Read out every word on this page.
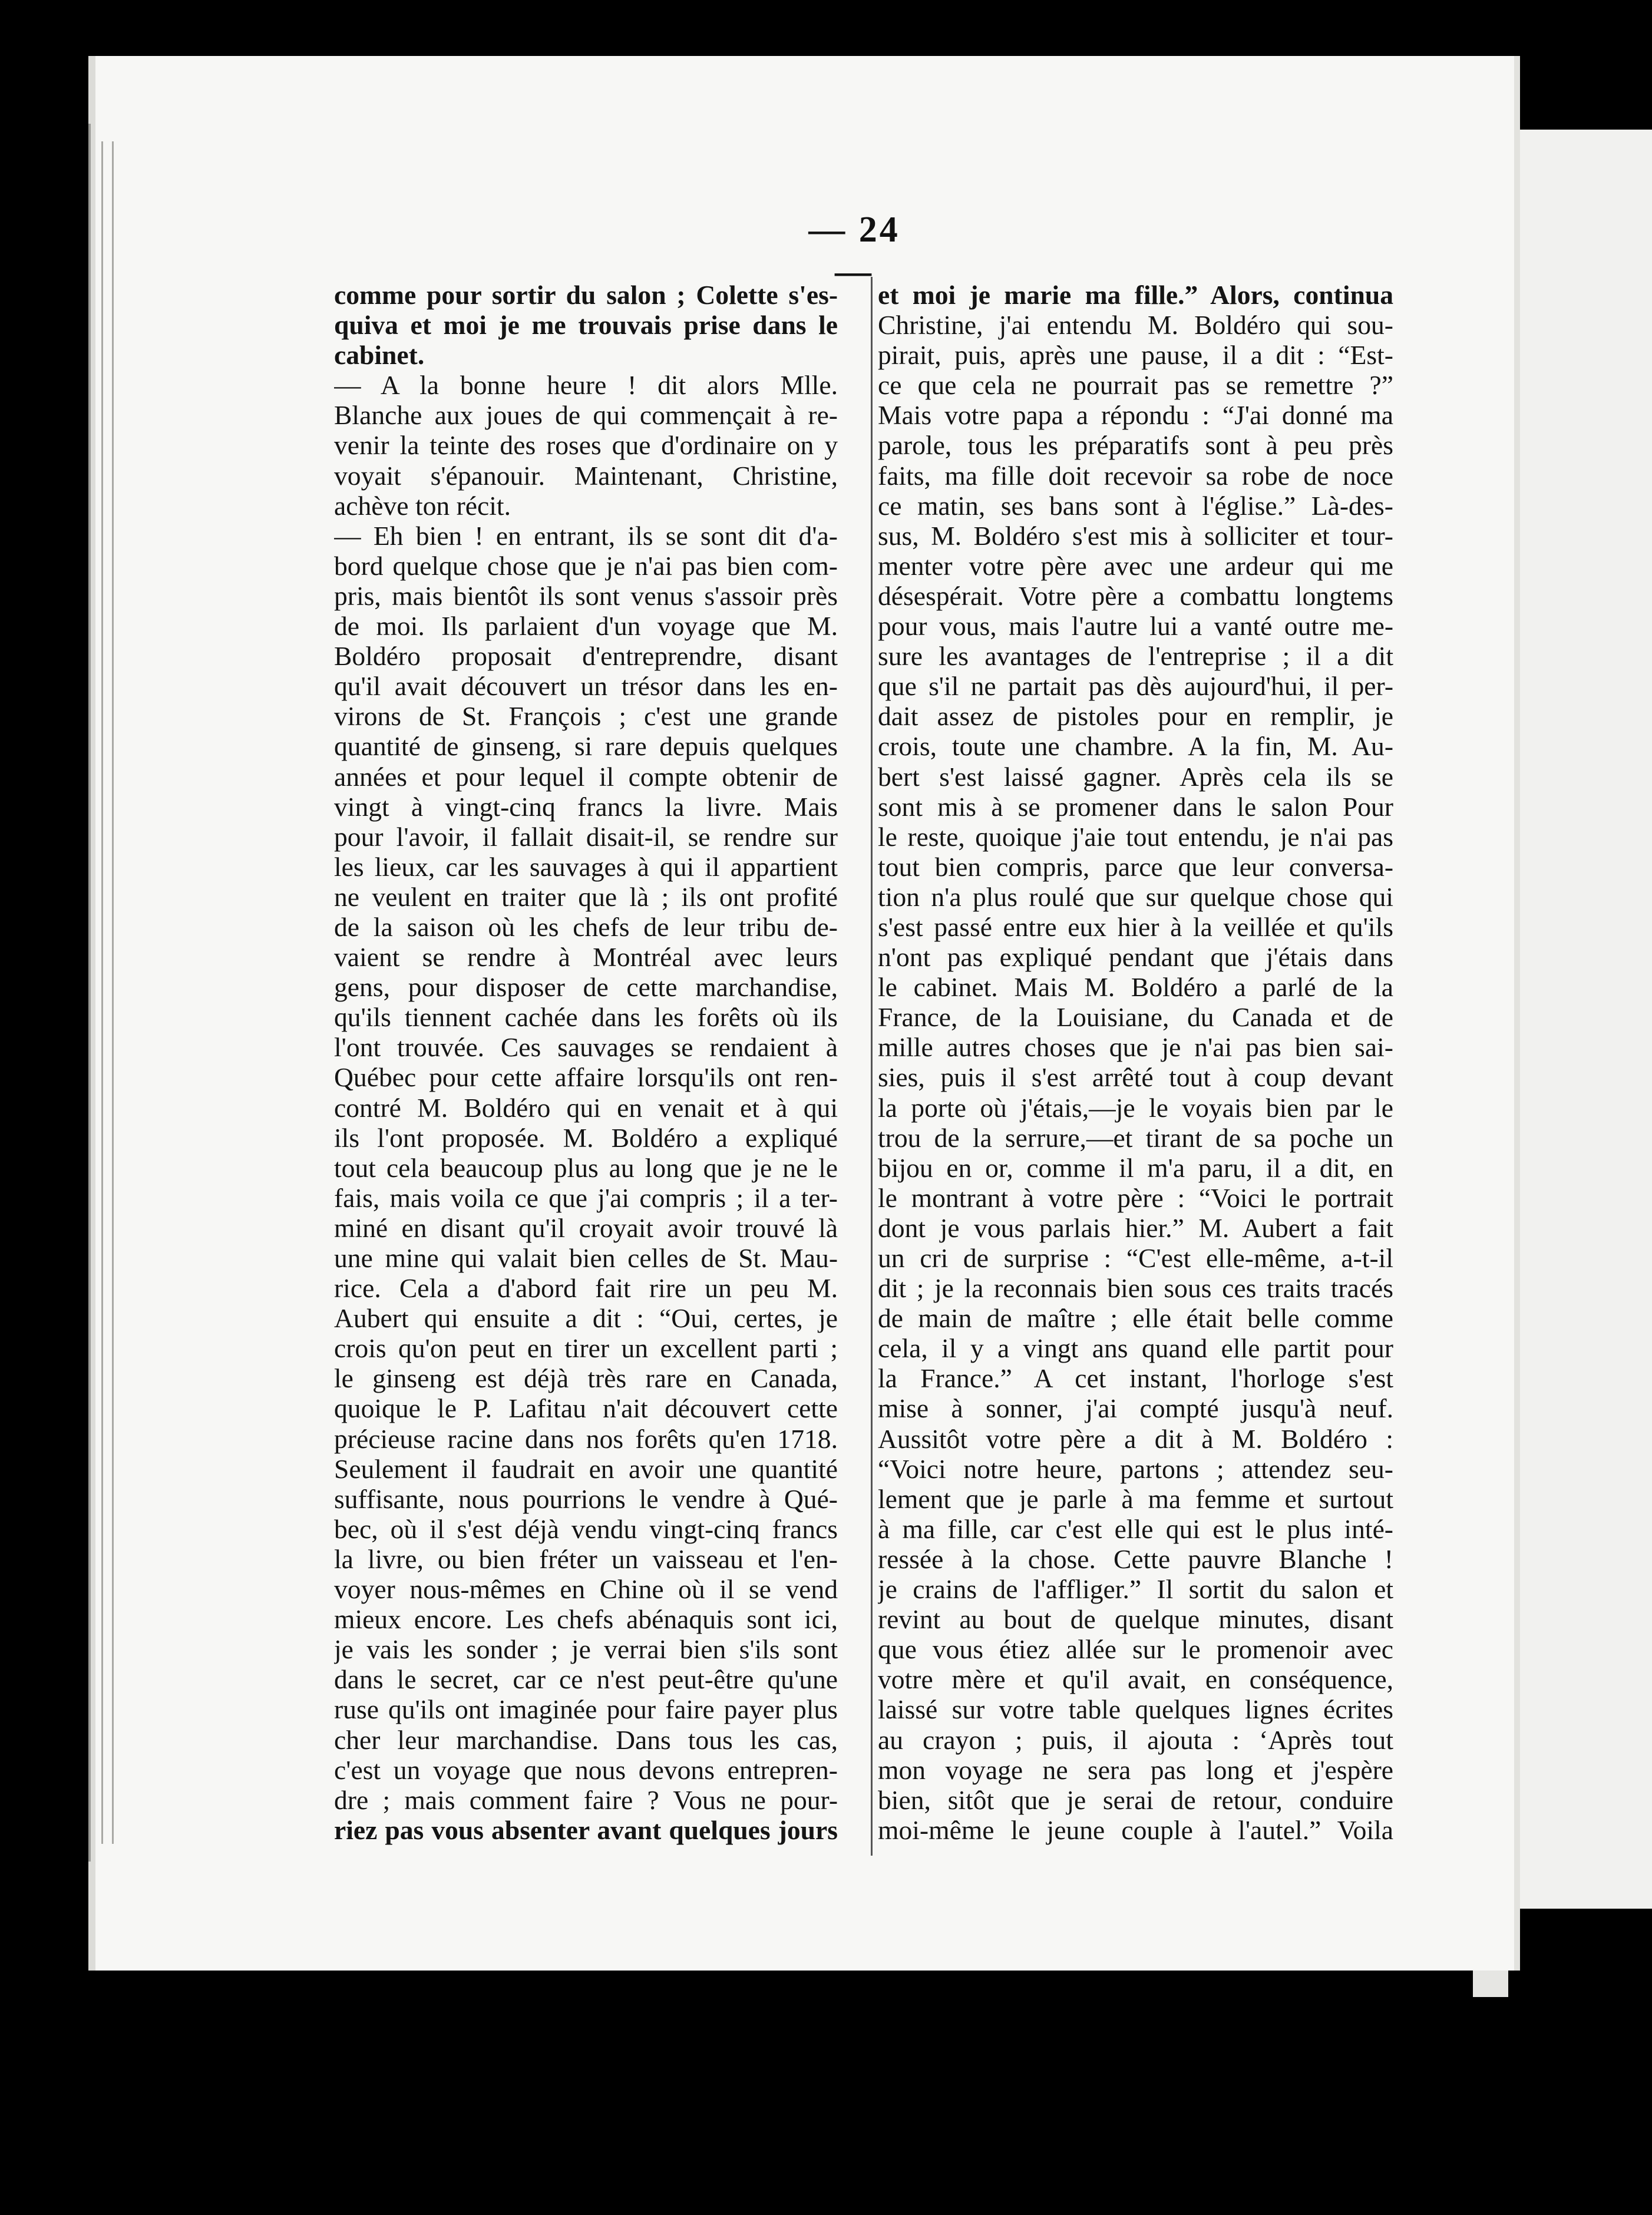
— 24 —
comme pour sortir du salon ; Colette s'es-
quiva et moi je me trouvais prise dans le
cabinet.
— A la bonne heure ! dit alors Mlle.
Blanche aux joues de qui commençait à re-
venir la teinte des roses que d'ordinaire on y
voyait s'épanouir. Maintenant, Christine,
achève ton récit.
— Eh bien ! en entrant, ils se sont dit d'a-
bord quelque chose que je n'ai pas bien com-
pris, mais bientôt ils sont venus s'assoir près
de moi. Ils parlaient d'un voyage que M.
Boldéro proposait d'entreprendre, disant
qu'il avait découvert un trésor dans les en-
virons de St. François ; c'est une grande
quantité de ginseng, si rare depuis quelques
années et pour lequel il compte obtenir de
vingt à vingt-cinq francs la livre. Mais
pour l'avoir, il fallait disait-il, se rendre sur
les lieux, car les sauvages à qui il appartient
ne veulent en traiter que là ; ils ont profité
de la saison où les chefs de leur tribu de-
vaient se rendre à Montréal avec leurs
gens, pour disposer de cette marchandise,
qu'ils tiennent cachée dans les forêts où ils
l'ont trouvée. Ces sauvages se rendaient à
Québec pour cette affaire lorsqu'ils ont ren-
contré M. Boldéro qui en venait et à qui
ils l'ont proposée. M. Boldéro a expliqué
tout cela beaucoup plus au long que je ne le
fais, mais voila ce que j'ai compris ; il a ter-
miné en disant qu'il croyait avoir trouvé là
une mine qui valait bien celles de St. Mau-
rice. Cela a d'abord fait rire un peu M.
Aubert qui ensuite a dit : “Oui, certes, je
crois qu'on peut en tirer un excellent parti ;
le ginseng est déjà très rare en Canada,
quoique le P. Lafitau n'ait découvert cette
précieuse racine dans nos forêts qu'en 1718.
Seulement il faudrait en avoir une quantité
suffisante, nous pourrions le vendre à Qué-
bec, où il s'est déjà vendu vingt-cinq francs
la livre, ou bien fréter un vaisseau et l'en-
voyer nous-mêmes en Chine où il se vend
mieux encore. Les chefs abénaquis sont ici,
je vais les sonder ; je verrai bien s'ils sont
dans le secret, car ce n'est peut-être qu'une
ruse qu'ils ont imaginée pour faire payer plus
cher leur marchandise. Dans tous les cas,
c'est un voyage que nous devons entrepren-
dre ; mais comment faire ? Vous ne pour-
riez pas vous absenter avant quelques jours
et moi je marie ma fille.” Alors, continua
Christine, j'ai entendu M. Boldéro qui sou-
pirait, puis, après une pause, il a dit : “Est-
ce que cela ne pourrait pas se remettre ?”
Mais votre papa a répondu : “J'ai donné ma
parole, tous les préparatifs sont à peu près
faits, ma fille doit recevoir sa robe de noce
ce matin, ses bans sont à l'église.” Là-des-
sus, M. Boldéro s'est mis à solliciter et tour-
menter votre père avec une ardeur qui me
désespérait. Votre père a combattu longtems
pour vous, mais l'autre lui a vanté outre me-
sure les avantages de l'entreprise ; il a dit
que s'il ne partait pas dès aujourd'hui, il per-
dait assez de pistoles pour en remplir, je
crois, toute une chambre. A la fin, M. Au-
bert s'est laissé gagner. Après cela ils se
sont mis à se promener dans le salon Pour
le reste, quoique j'aie tout entendu, je n'ai pas
tout bien compris, parce que leur conversa-
tion n'a plus roulé que sur quelque chose qui
s'est passé entre eux hier à la veillée et qu'ils
n'ont pas expliqué pendant que j'étais dans
le cabinet. Mais M. Boldéro a parlé de la
France, de la Louisiane, du Canada et de
mille autres choses que je n'ai pas bien sai-
sies, puis il s'est arrêté tout à coup devant
la porte où j'étais,—je le voyais bien par le
trou de la serrure,—et tirant de sa poche un
bijou en or, comme il m'a paru, il a dit, en
le montrant à votre père : “Voici le portrait
dont je vous parlais hier.” M. Aubert a fait
un cri de surprise : “C'est elle-même, a-t-il
dit ; je la reconnais bien sous ces traits tracés
de main de maître ; elle était belle comme
cela, il y a vingt ans quand elle partit pour
la France.” A cet instant, l'horloge s'est
mise à sonner, j'ai compté jusqu'à neuf.
Aussitôt votre père a dit à M. Boldéro :
“Voici notre heure, partons ; attendez seu-
lement que je parle à ma femme et surtout
à ma fille, car c'est elle qui est le plus inté-
ressée à la chose. Cette pauvre Blanche !
je crains de l'affliger.” Il sortit du salon et
revint au bout de quelque minutes, disant
que vous étiez allée sur le promenoir avec
votre mère et qu'il avait, en conséquence,
laissé sur votre table quelques lignes écrites
au crayon ; puis, il ajouta : ‘Après tout
mon voyage ne sera pas long et j'espère
bien, sitôt que je serai de retour, conduire
moi-même le jeune couple à l'autel.” Voila
